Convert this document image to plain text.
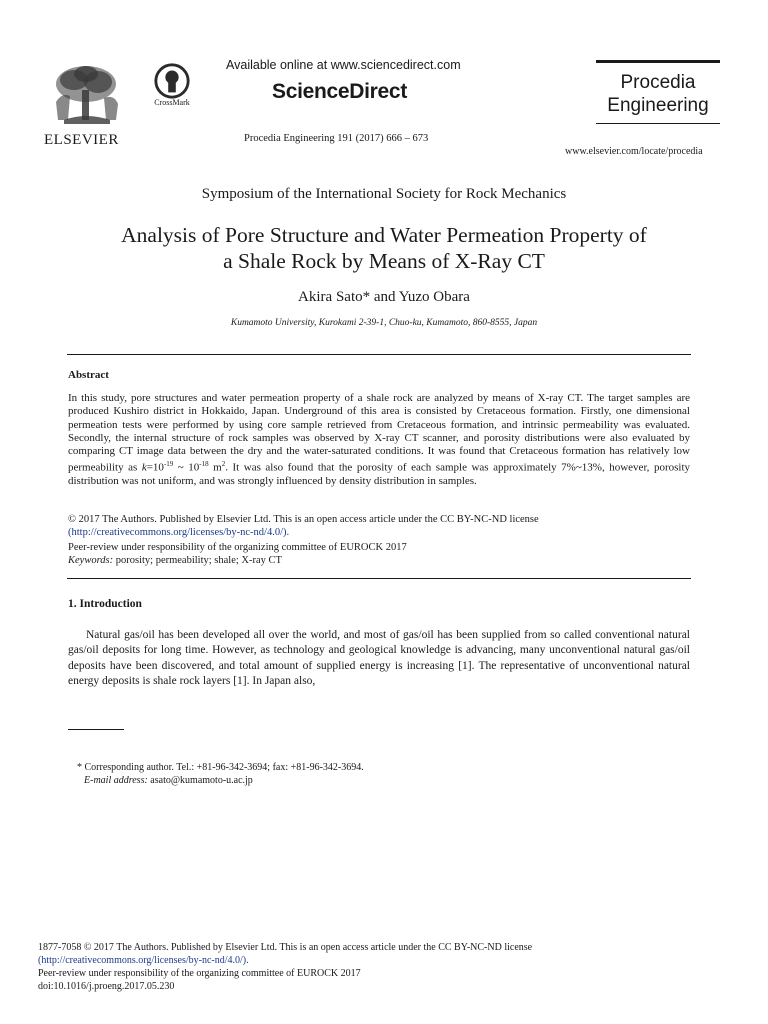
ELSEVIER
CrossMark
Available online at www.sciencedirect.com
ScienceDirect
Procedia Engineering 191 (2017) 666 – 673
Procedia
Engineering
www.elsevier.com/locate/procedia
Symposium of the International Society for Rock Mechanics
Analysis of Pore Structure and Water Permeation Property of
a Shale Rock by Means of X-Ray CT
Akira Sato* and Yuzo Obara
Kumamoto University, Kurokami 2-39-1, Chuo-ku, Kumamoto, 860-8555, Japan
Abstract
In this study, pore structures and water permeation property of a shale rock are analyzed by means of X-ray CT. The target samples are produced Kushiro district in Hokkaido, Japan. Underground of this area is consisted by Cretaceous formation. Firstly, one dimensional permeation tests were performed by using core sample retrieved from Cretaceous formation, and intrinsic permeability was evaluated. Secondly, the internal structure of rock samples was observed by X-ray CT scanner, and porosity distributions were also evaluated by comparing CT image data between the dry and the water-saturated conditions. It was found that Cretaceous formation has relatively low permeability as $k=10^{-19}$ ~ $10^{-18}$ $m^2$. It was also found that the porosity of each sample was approximately 7%~13%, however, porosity distribution was not uniform, and was strongly influenced by density distribution in samples.
© 2017 The Authors. Published by Elsevier Ltd. This is an open access article under the CC BY-NC-ND license
(http://creativecommons.org/licenses/by-nc-nd/4.0/).
Peer-review under responsibility of the organizing committee of EUROCK 2017
Keywords: porosity; permeability; shale; X-ray CT
1. Introduction
Natural gas/oil has been developed all over the world, and most of gas/oil has been supplied from so called conventional natural gas/oil deposits for long time. However, as technology and geological knowledge is advancing, many unconventional natural gas/oil deposits have been discovered, and total amount of supplied energy is increasing [1]. The representative of unconventional natural energy deposits is shale rock layers [1]. In Japan also,
* Corresponding author. Tel.: +81-96-342-3694; fax: +81-96-342-3694.
E-mail address: asato@kumamoto-u.ac.jp
1877-7058 © 2017 The Authors. Published by Elsevier Ltd. This is an open access article under the CC BY-NC-ND license
(http://creativecommons.org/licenses/by-nc-nd/4.0/).
Peer-review under responsibility of the organizing committee of EUROCK 2017
doi:10.1016/j.proeng.2017.05.230
